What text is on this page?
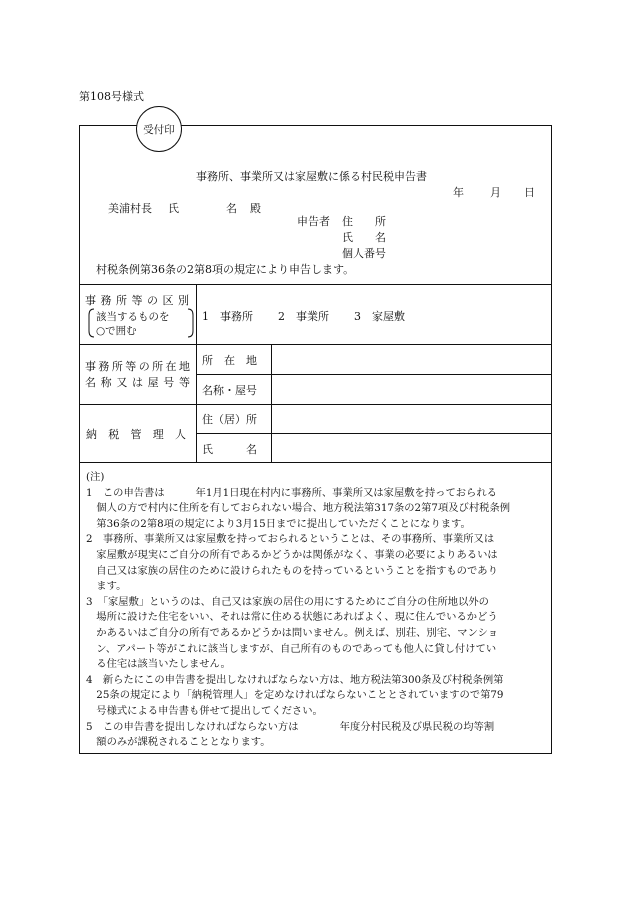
第108号様式
受付印
事務所、事業所又は家屋敷に係る村民税申告書
年 月 日
美浦村長 氏	名 殿
申告者 住　　所
氏　　名
個人番号
村税条例第36条の2第8項の規定により申告します。
事 務 所 等 の 区 別
該当するものを
○で囲む
1　事務所 2　事業所 3　家屋敷
事 務 所 等 の 所 在 地
名 称 又 は 屋 号 等
所　在　地
名称・屋号
納 税 管 理 人
住（居）所
氏　　　名
(注)
1　この申告書は　　　年1月1日現在村内に事務所、事業所又は家屋敷を持っておられる
　個人の方で村内に住所を有しておられない場合、地方税法第317条の2第7項及び村税条例
　第36条の2第8項の規定により3月15日までに提出していただくことになります。
2　事務所、事業所又は家屋敷を持っておられるということは、その事務所、事業所又は
　家屋敷が現実にご自分の所有であるかどうかは関係がなく、事業の必要によりあるいは
　自己又は家族の居住のために設けられたものを持っているということを指すものであり
　ます。
3　「家屋敷」というのは、自己又は家族の居住の用にするためにご自分の住所地以外の
　場所に設けた住宅をいい、それは常に住める状態にあればよく、現に住んでいるかどう
　かあるいはご自分の所有であるかどうかは問いません。例えば、別荘、別宅、マンショ
　ン、アパート等がこれに該当しますが、自己所有のものであっても他人に貸し付けてい
　る住宅は該当いたしません。
4　新らたにこの申告書を提出しなければならない方は、地方税法第300条及び村税条例第
　25条の規定により「納税管理人」を定めなければならないこととされていますので第79
　号様式による申告書も併せて提出してください。
5　この申告書を提出しなければならない方は　　　　年度分村民税及び県民税の均等割
　額のみが課税されることとなります。
